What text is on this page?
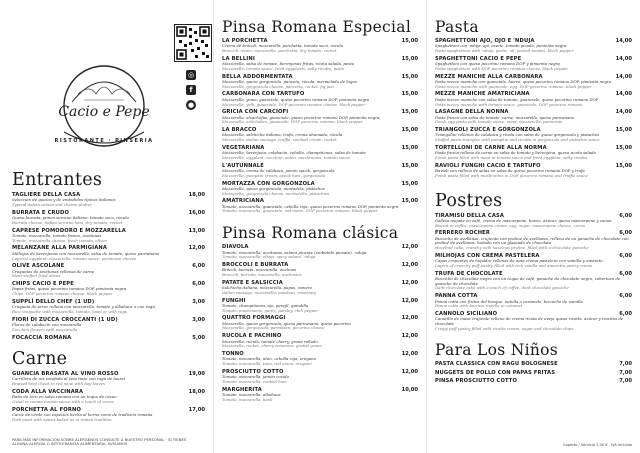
◎
f
●
Cacio e Pepe
RISTORANTE · PINSERIA
Entrantes
TAGLIERE DELLA CASA	18,00
Selección de quesos y de embutidos típicos italianos
Typical italian salami and cheese platter
BURRATA E CRUDO	16,00
Queso burrata, jamon serrano italiano, tomate seco, rúcula
Burrata cheese, italian serrano ham, dry tomato, rocket
CAPRESE POMODORO E MOZZARELLA	13,00
Tomate, mozzarella, tomate fresco, aceitunas
Tomato, mozzarella cheese, fresh tomato, olives
MELANZANE ALLA PARMIGIANA	12,00
Milhojas de berenjenas con mozzarella, salsa de tomate, queso parmesano
Layered eggplant, mozzarella, tomato sauce, parmesan cheese
OLIVE ASCOLANE	6,00
Croquetas de aceitunas rellenas de carne
Meat-stuffed fried olives
CHIPS CACIO E PEPE	6,00
Papas fritas, queso pecorino romano DOP, pimienta negra
Chips, DOP pecorino romano cheese, black pepper
SUPPLÌ DELLO CHEF (1 UD)	3,00
Croqueta de arroz rellena con mozzarella, tomate y albahaca o con ragú
Rice croquette with mozzarella, tomato, basil or with ragu
FIORI DI ZUCCA CROCCANTI (1 UD)	3,00
Flores de calabacín con mozzarella
Zucchini flowers with mozzarella
FOCACCIA ROMANA	5,00
Carne
GUANCIA BRASATA AL VINO ROSSO	19,00
Carrillera de res estofada al vino tinto con ragú de lauret
Braised beef cheek in red wine with bay leaves
CODA ALLA VACCINARA	18,00
Rabo de toro en salsa romana con un toque de cacao
Oxtail in roman tomato sauce with a touch of cocoa
PORCHETTA AL FORNO	17,00
Carne de cerdo con especies hecha al horno como de tradición romana
Pork meat with spices baked as in roman tradition
PARA MÁS INFORMACIÓN SOBRE ALÉRGENOS CONSULTE A NUESTRO PERSONAL · SI TIENES ALGUNA ALERGIA O INTOLERANCIA ALIMENTARIA, AVÍSANOS
Pinsa Romana Especial
LA PORCHETTA	15,00
Crema de brócoli, mozzarella, porchetta, tomate seco, rúcula
Broccoli cream, mozzarella, porchetta, dry tomato, rocket
LA BELLINI	15,00
Mozzarella, salsa de tomate, berenjenas fritas, ricota salada, pesto
Mozzarella, tomato sauce, fried eggplants, salty ricotta, pesto
BELLA ADDORMENTATA	15,00
Mozzarella, queso gorgonzola, panceta, rúcula, mermelada de higos
Mozzarella, gorgonzola cheese, pancetta, rocket, fig jam
CARBONARA CON TARTUFO	15,00
Mozzarella, yema, guanciale, queso pecorino romano DOP, pimienta negra
Mozzarella, yolk, guanciale, DOP pecorino romano cheese, black pepper
GRICIA CON CARCIOFI	15,00
Mozzarella, alcachofas, guanciale, queso pecorino romano DOP, pimienta negra
Mozzarella, artichokes, guanciale, DOP pecorino romano, black pepper
LA BRACCO	15,00
Mozzarella, salchicha italiana, trufa, crema ahumada, rúcula
Mozzarella, italian sausage, truffle, smoked cream, rocket
VEGETARIANA	15,00
Mozzarella, berenjena, calabacín, cebolla, champiñones, salsa de tomate
Mozzarella, eggplant, zucchini, onion, mushrooms, tomato sauce
L'AUTUNNALE	15,00
Mozzarella, crema de calabaza, jamón speck, gorgonzola
Mozzarella, pumpkin cream, speck ham, gorgonzola
MORTAZZA CON GORGONZOLA	15,00
Mozzarella, queso gorgonzola, mortadela, pistachos
Mozzarella, gorgonzola cheese, mortadella, pistachios
AMATRICIANA	15,00
Tomate, mozzarella, guanciale, cebolla roja, queso pecorino romano DOP, pimienta negra
Tomato, mozzarella, guanciale, red onion, DOP pecorino romano, black pepper
Pinsa Romana clásica
DIAVOLA	12,00
Tomate, mozzarella, aceitunas, salami picante (embutido picante), 'nduja
Tomato, mozzarella, olives, spicy salami, 'nduja
BROCCOLI E BURRATA	12,00
Brócoli, burrata, mozzarella, anchoas
Broccoli, burrata, mozzarella, anchovies
PATATE E SALSICCIA	12,00
Salchicha italiana, mozzarella, papas, romero
Italian sausage, mozzarella, potatoes, rosemary
FUNGHI	12,00
Tomate, champiñones, ajo, perejil, guindilla
Tomato, mushrooms, garlic, parsley, chili pepper
QUATTRO FORMAGGI	12,00
Mozzarella, queso gorgonzola, queso parmesano, queso pecorino
Mozzarella, gorgonzola, parmesan, pecorino cheese
RUCOLA E PACHINO	12,00
Mozzarella, rucula, tomate cherry, grana rallado
Mozzarella, rocket, cherry tomatoes, grated grana
TONNO	12,00
Tomate, mozzarella, atún, cebolla roja, orégano
Tomato, mozzarella, tuna, red onion, oregano
PROSCIUTTO COTTO	12,00
Tomate, mozzarella, jamón cocido
Tomato, mozzarella, cooked ham
MARGHERITA	10,00
Tomate, mozzarella, albahaca
Tomato, mozzarella, basil
Pasta
SPAGHETTONI AJO, OJO E 'NDUJA	14,00
Spaghettoni con 'nduja, ajo, aceite, tomate picado, pimienta negra
Pasta spaghettoni with 'nduja, garlic, oil, peeled tomato, black pepper
SPAGHETTONI CACIO E PEPE	14,00
Spaghettoni con queso pecorino romano DOP y pimienta negra
Pasta spaghettoni with DOP pecorino romano cheese, black pepper
MEZZE MANICHE ALLA CARBONARA	14,00
Pasta mezze maniche con guanciale, huevo, queso pecorino romano DOP, pimienta negra
Pasta mezze maniche with guanciale, egg, DOP pecorino romano, black pepper
MEZZE MANICHE AMATRICIANA	14,00
Pasta mezze maniche con salsa de tomate, guanciale, queso pecorino romano DOP
Pasta mezze maniche with tomato sauce, guanciale, DOP pecorino romano
LASAGNE DELLA NONNA	14,00
Pasta fresca con salsa de tomate, carne, mozzarella, queso parmesano
Fresh egg pasta with tomato sauce, meat, mozzarella, parmesan
TRIANGOLI ZUCCA E GORGONZOLA	15,00
Triangolini rellenos de calabaza y ricota con salsa de queso gorgonzola y pistachos
Stuffed pasta triangles with pumpkin and ricotta in gorgonzola and pistachio sauce
TORTELLONI DE CARNE ALLA NORMA	15,00
Pasta fresca rellena de carne en salsa de tomate y berenjena, queso ricota salada
Fresh pasta filled with meat in tomato sauce and fried eggplant, salty ricotta
RAVIOLI FUNGHI CACIO E TARTUFO	15,00
Ravioli con relleno de setas en salsa de queso pecorino romano DOP y trufa
Fresh pasta filled with mushrooms in DOP pecorino romano and truffle sauce
Postres
TIRAMISÙ DELLA CASA	6,00
Galleta mojada en café, crema de mascarpone, huevo, azúcar, queso mascarpone y cacao
Biscuit in coffee, mascarpone cream, egg, sugar, mascarpone cheese, cocoa
FERRERO ROCHER	6,00
Bizcocho de avellanas, crujiente con praliné de avellanas, relleno de un ganache de chocolate con praliné de avellanas, bañado con un glaseado de chocolate
Hazelnut cake, crunchy with hazelnut praline, filled with a chocolate ganache
MILHOJAS CON CREMA PASTELERA	6,00
Capas crujientes de hojaldre rellenas de nata crema pastelera con vainilla y amareto
Layers of crunchy puff pastry filled with rich vanilla and amaretto pastry cream
TRUFA DE CHOCOLATE	6,00
Bizcocho de chocolate negro con un toque de café, ganache de chocolate negro, cobertura de ganache de chocolate
Dark chocolate cake with a touch of coffee, dark chocolate ganache
PANNA COTTA	6,00
Panna cotta con frutos del bosque, nutella o caramelo, bizcocho de vainilla
Panna cotta with berries, nutella or caramel
CANNOLO SICILIANO	6,00
Canutillo de masa crujiente relleno de crema ricota de oveja queso ricotta, azúcar y trocitos de chocolate
Crispy puff pastry filled with ricotta cream, sugar and chocolate chips
Para Los Niños
PASTA CLASSICA CON RAGU BOLOGNESE	7,00
NUGGETS DE POLLO CON PAPAS FRITAS	7,00
PINSA PROSCIUTTO COTTO	7,00
Coperto / Servicio 2,00 € · IVA incluido
